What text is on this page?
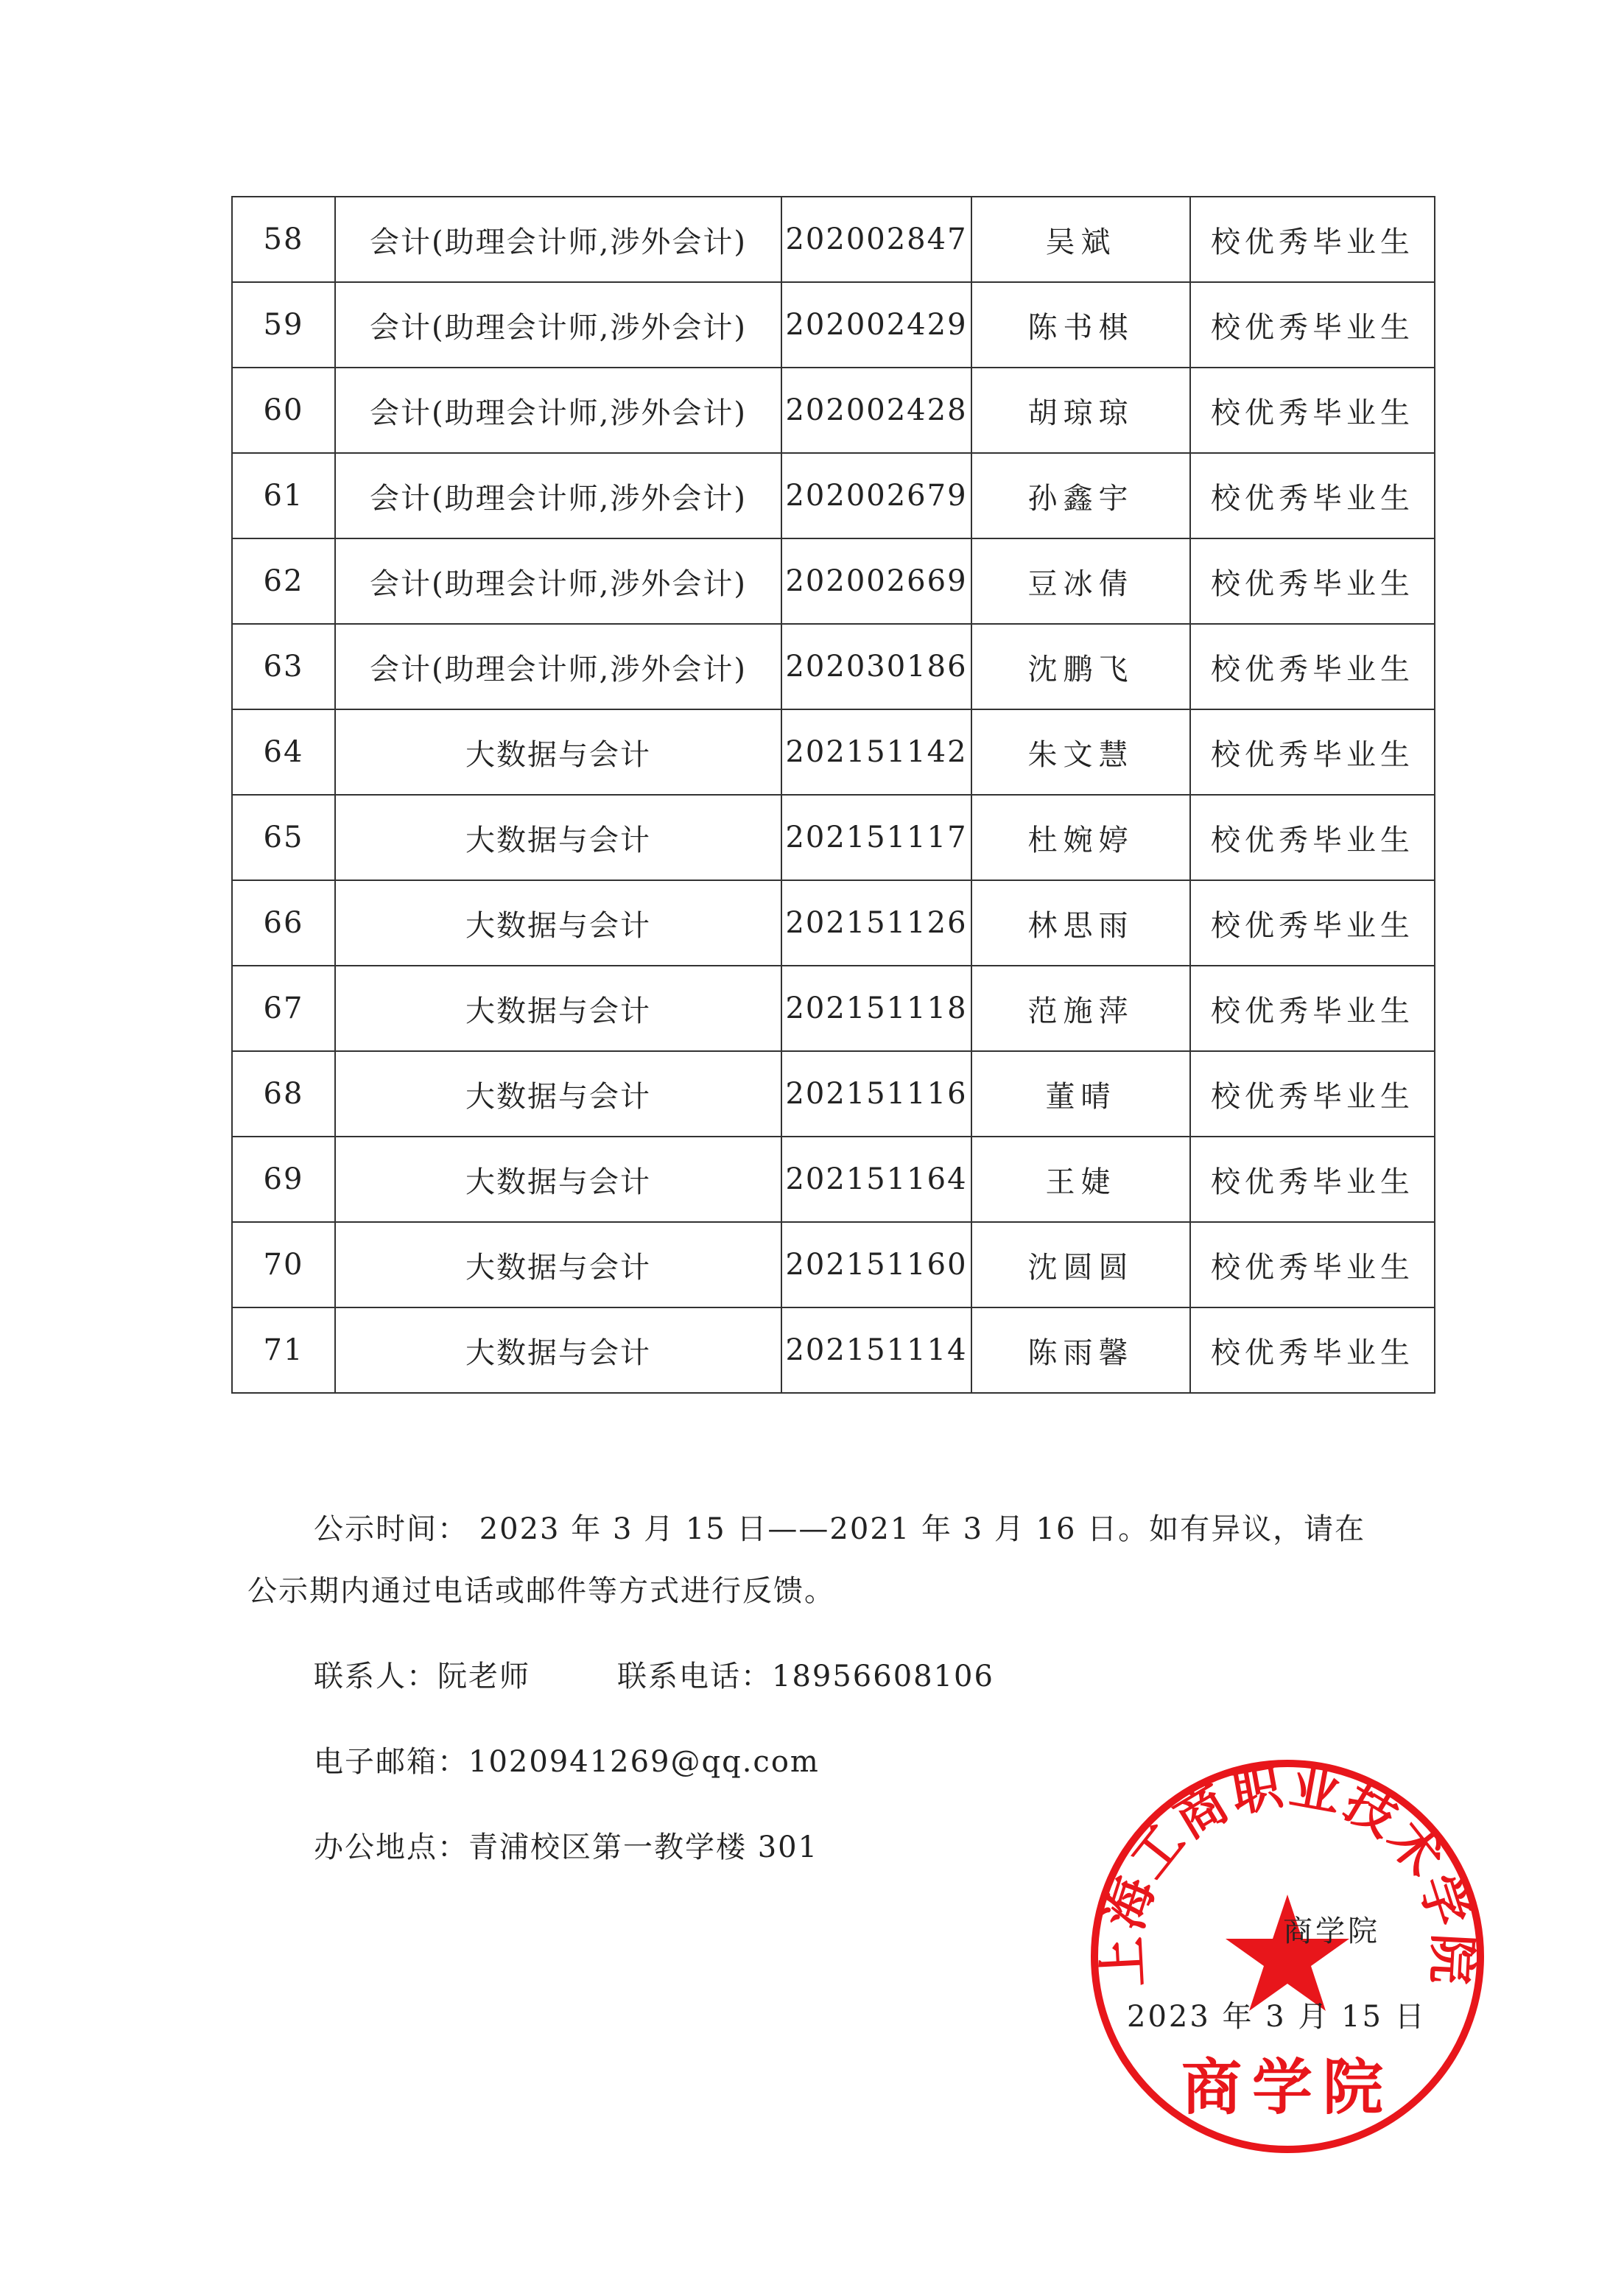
58	会计(助理会计师,涉外会计)	202002847	吴斌	校优秀毕业生
59	会计(助理会计师,涉外会计)	202002429	陈书棋	校优秀毕业生
60	会计(助理会计师,涉外会计)	202002428	胡琼琼	校优秀毕业生
61	会计(助理会计师,涉外会计)	202002679	孙鑫宇	校优秀毕业生
62	会计(助理会计师,涉外会计)	202002669	豆冰倩	校优秀毕业生
63	会计(助理会计师,涉外会计)	202030186	沈鹏飞	校优秀毕业生
64	大数据与会计	202151142	朱文慧	校优秀毕业生
65	大数据与会计	202151117	杜婉婷	校优秀毕业生
66	大数据与会计	202151126	林思雨	校优秀毕业生
67	大数据与会计	202151118	范施萍	校优秀毕业生
68	大数据与会计	202151116	董晴	校优秀毕业生
69	大数据与会计	202151164	王婕	校优秀毕业生
70	大数据与会计	202151160	沈圆圆	校优秀毕业生
71	大数据与会计	202151114	陈雨馨	校优秀毕业生
公示时间： 2023 年 3 月 15 日——2021 年 3 月 16 日。如有异议，请在公示期内通过电话或邮件等方式进行反馈。
联系人：阮老师	联系电话：18956608106
电子邮箱：1020941269@qq.com
办公地点：青浦校区第一教学楼 301
上海工商职业技术学院
商学院
商学院
2023 年 3 月 15 日
